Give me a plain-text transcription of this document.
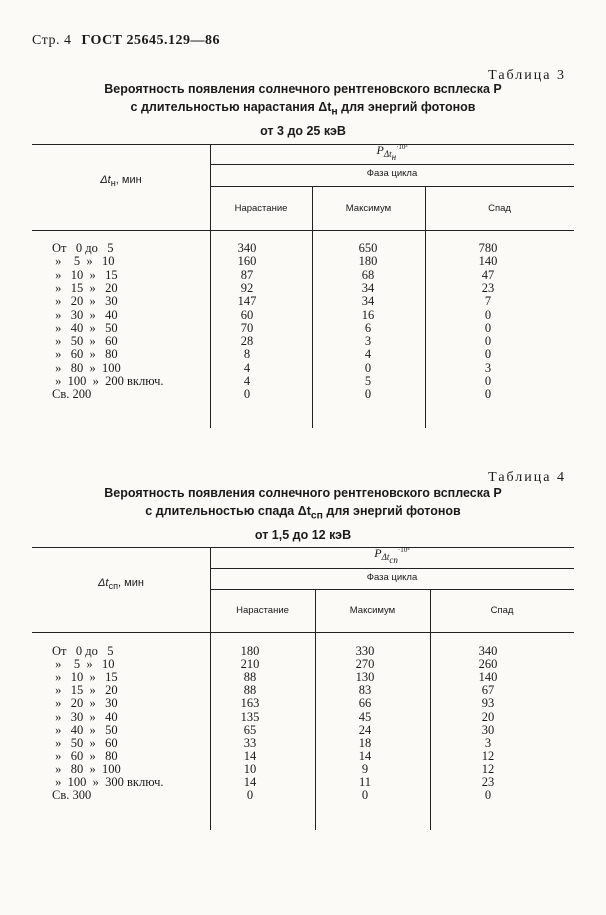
Стр. 4 ГОСТ 25645.129—86
Таблица 3
Вероятность появления солнечного рентгеновского всплеска P
с длительностью нарастания $\Delta t_н$ для энергий фотонов
от 3 до 25 кэВ
$\Delta t_н$, мин
$P_{\Delta t_н}^{\cdot 10^3}$
Фаза цикла
Нарастание	Максимум	Спад
От   0 до   5	340	650	780
»    5  »   10	160	180	140
»   10  »   15	87	68	47
»   15  »   20	92	34	23
»   20  »   30	147	34	7
»   30  »   40	60	16	0
»   40  »   50	70	6	0
»   50  »   60	28	3	0
»   60  »   80	8	4	0
»   80  »  100	4	0	3
»  100  »  200 включ.	4	5	0
Св. 200	0	0	0
Таблица 4
Вероятность появления солнечного рентгеновского всплеска P
с длительностью спада $\Delta t_{сп}$ для энергий фотонов
от 1,5 до 12 кэВ
$\Delta t_{сп}$, мин
$P_{\Delta t_{сп}}^{\cdot 10^4}$
Фаза цикла
Нарастание	Максимум	Спад
От   0 до   5	180	330	340
»    5  »   10	210	270	260
»   10  »   15	88	130	140
»   15  »   20	88	83	67
»   20  »   30	163	66	93
»   30  »   40	135	45	20
»   40  »   50	65	24	30
»   50  »   60	33	18	3
»   60  »   80	14	14	12
»   80  »  100	10	9	12
»  100  »  300 включ.	14	11	23
Св. 300	0	0	0
